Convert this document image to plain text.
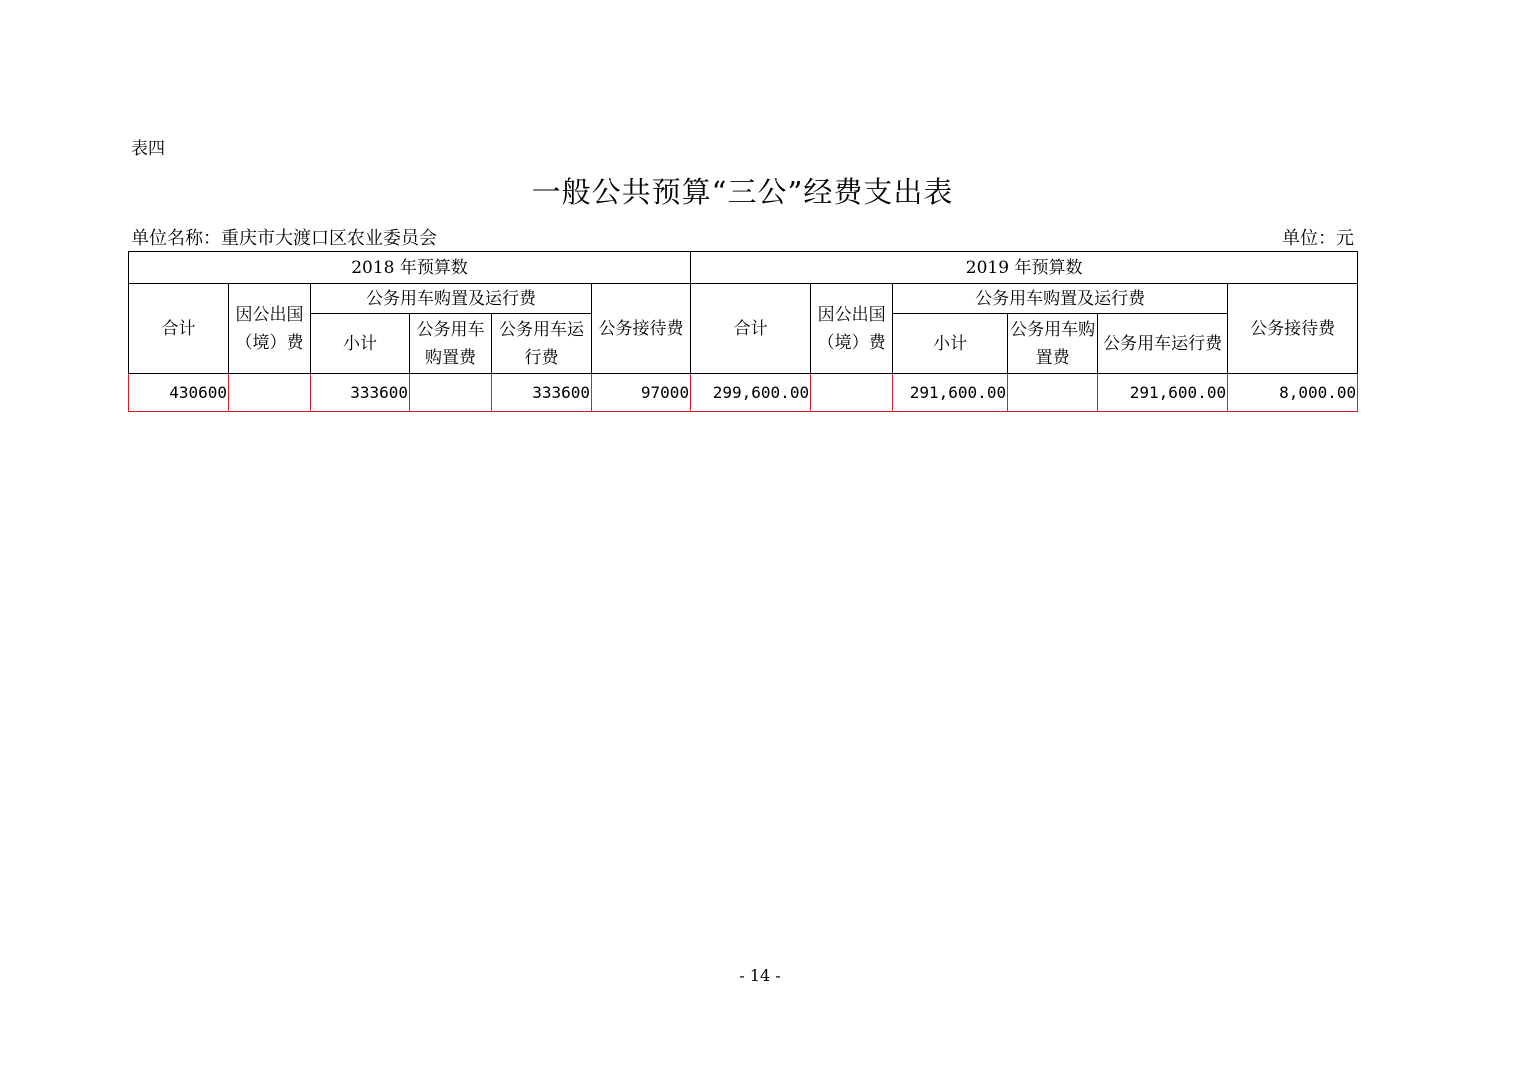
表四
一般公共预算“三公”经费支出表
单位名称：重庆市大渡口区农业委员会	单位：元
2018 年预算数						2019 年预算数					
合计	因公出国（境）费	公务用车购置及运行费			公务接待费	合计	因公出国（境）费	公务用车购置及运行费			公务接待费
		小计	公务用车购置费	公务用车运行费				小计	公务用车购置费	公务用车运行费	
430600		333600		333600	97000	299,600.00		291,600.00		291,600.00	8,000.00
- 14 -
